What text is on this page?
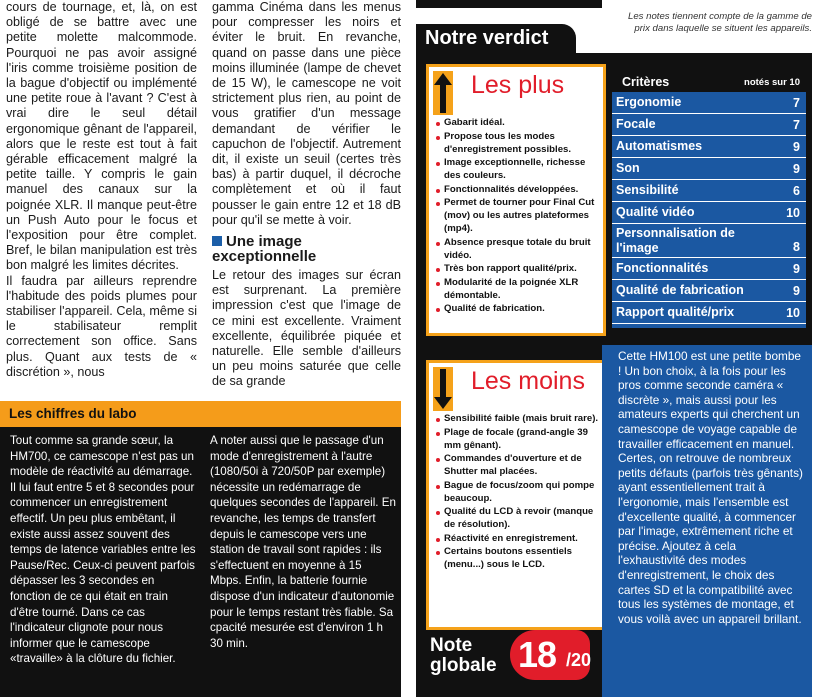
cours de tournage, et, là, on est obligé de se battre avec une petite molette malcommode. Pourquoi ne pas avoir assigné l'iris comme troisième position de la bague d'objectif ou implémenté une petite roue à l'avant ? C'est à vrai dire le seul détail ergonomique gênant de l'appareil, alors que le reste est tout à fait gérable efficacement malgré la petite taille. Y compris le gain manuel des canaux sur la poignée XLR. Il manque peut-être un Push Auto pour le focus et l'exposition pour être complet. Bref, le bilan manipulation est très bon malgré les limites décrites.

Il faudra par ailleurs reprendre l'habitude des poids plumes pour stabiliser l'appareil. Cela, même si le stabilisateur remplit correctement son office. Sans plus. Quant aux tests de « discrétion », nous

gamma Cinéma dans les menus pour compresser les noirs et éviter le bruit. En revanche, quand on passe dans une pièce moins illuminée (lampe de chevet de 15 W), le camescope ne voit strictement plus rien, au point de vous gratifier d'un message demandant de vérifier le capuchon de l'objectif. Autrement dit, il existe un seuil (certes très bas) à partir duquel, il décroche complètement et où il faut pousser le gain entre 12 et 18 dB pour qu'il se mette à voir.

Une image exceptionnelle

Le retour des images sur écran est surprenant. La première impression c'est que l'image de ce mini est excellente. Vraiment excellente, équilibrée piquée et naturelle. Elle semble d'ailleurs un peu moins saturée que celle de sa grande

Les chiffres du labo
Tout comme sa grande sœur, la HM700, ce camescope n'est pas un modèle de réactivité au démarrage. Il lui faut entre 5 et 8 secondes pour commencer un enregistrement effectif. Un peu plus embêtant, il existe aussi assez souvent des temps de latence variables entre les Pause/Rec. Ceux-ci peuvent parfois dépasser les 3 secondes en fonction de ce qui était en train d'être tourné. Dans ce cas l'indicateur clignote pour nous informer que le camescope «travaille» à la clôture du fichier.
A noter aussi que le passage d'un mode d'enregistrement à l'autre (1080/50i à 720/50P par exemple) nécessite un redémarrage de quelques secondes de l'appareil. En revanche, les temps de transfert depuis le camescope vers une station de travail sont rapides : ils s'effectuent en moyenne à 15 Mbps. Enfin, la batterie fournie dispose d'un indicateur d'autonomie pour le temps restant très fiable. Sa cpacité mesurée est d'environ 1 h 30 min.
Les notes tiennent compte de la gamme de prix dans laquelle se situent les appareils.
Notre verdict
Les plus
Gabarit idéal.
Propose tous les modes d'enregistrement possibles.
Image exceptionnelle, richesse des couleurs.
Fonctionnalités développées.
Permet de tourner pour Final Cut (mov) ou les autres plateformes (mp4).
Absence presque totale du bruit vidéo.
Très bon rapport qualité/prix.
Modularité de la poignée XLR démontable.
Qualité de fabrication.
Les moins
Sensibilité faible (mais bruit rare).
Plage de focale (grand-angle 39 mm gênant).
Commandes d'ouverture et de Shutter mal placées.
Bague de focus/zoom qui pompe beaucoup.
Qualité du LCD à revoir (manque de résolution).
Réactivité en enregistrement.
Certains boutons essentiels (menu...) sous le LCD.
Critères	notés sur 10
Ergonomie	7
Focale	7
Automatismes	9
Son	9
Sensibilité	6
Qualité vidéo	10
Personnalisation de l'image	8
Fonctionnalités	9
Qualité de fabrication	9
Rapport qualité/prix	10

Cette HM100 est une petite bombe ! Un bon choix, à la fois pour les pros comme seconde caméra « discrète », mais aussi pour les amateurs experts qui cherchent un camescope de voyage capable de travailler efficacement en manuel. Certes, on retrouve de nombreux petits défauts (parfois très gênants) ayant essentiellement trait à l'ergonomie, mais l'ensemble est d'excellente qualité, à commencer par l'image, extrêmement riche et précise. Ajoutez à cela l'exhaustivité des modes d'enregistrement, le choix des cartes SD et la compatibilité avec tous les systèmes de montage, et vous voilà avec un appareil brillant.

Note
globale 18 /20
